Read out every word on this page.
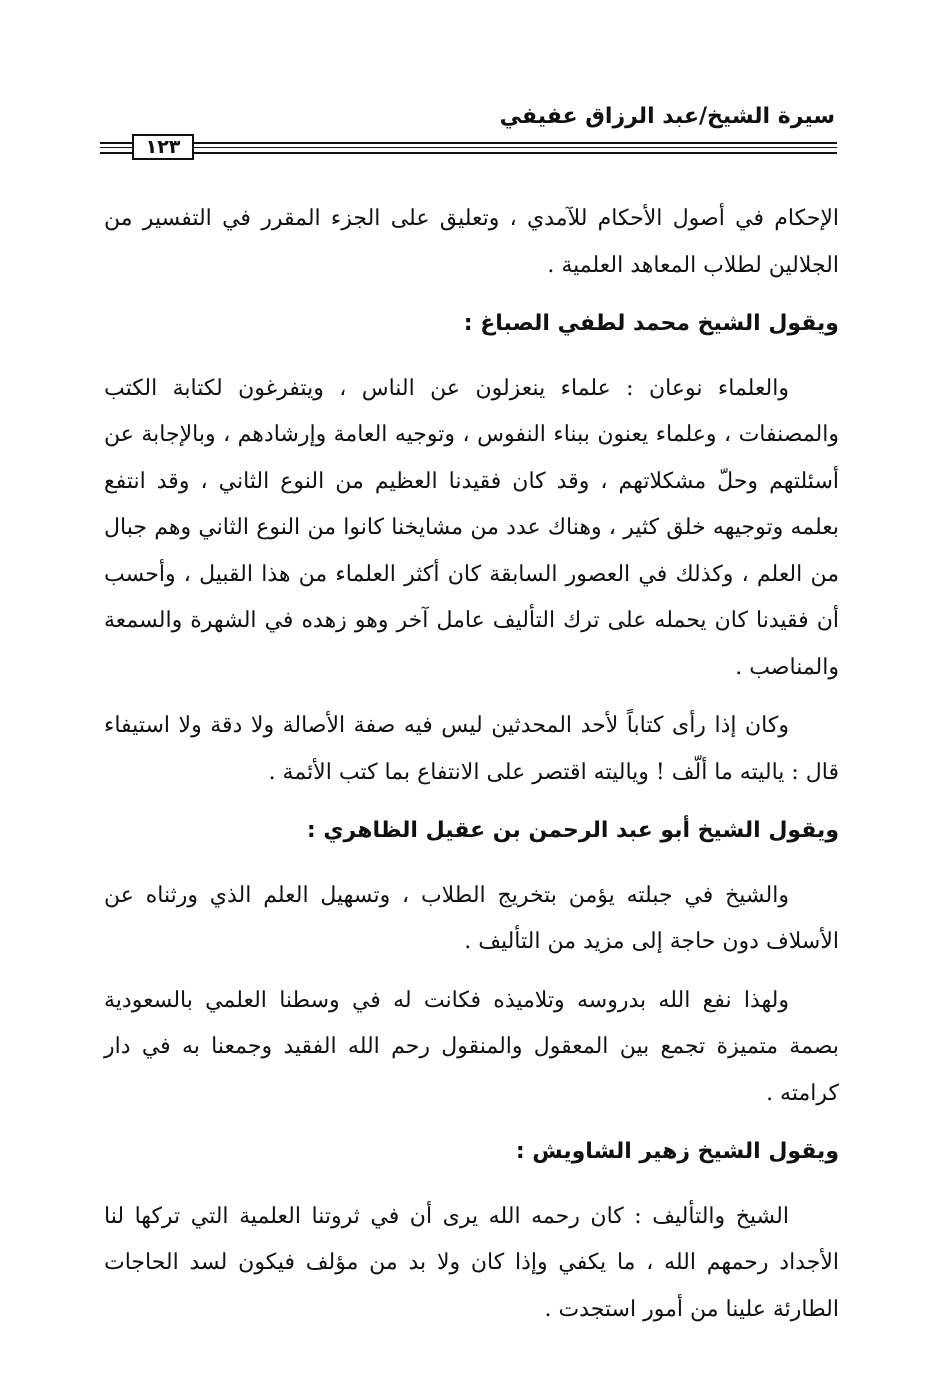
سيرة الشيخ/عبد الرزاق عفيفي
١٢٣

الإحكام في أصول الأحكام للآمدي ، وتعليق على الجزء المقرر في التفسير من الجلالين لطلاب المعاهد العلمية .

ويقول الشيخ محمد لطفي الصباغ :

والعلماء نوعان : علماء ينعزلون عن الناس ، ويتفرغون لكتابة الكتب والمصنفات ، وعلماء يعنون ببناء النفوس ، وتوجيه العامة وإرشادهم ، وبالإجابة عن أسئلتهم وحلّ مشكلاتهم ، وقد كان فقيدنا العظيم من النوع الثاني ، وقد انتفع بعلمه وتوجيهه خلق كثير ، وهناك عدد من مشايخنا كانوا من النوع الثاني وهم جبال من العلم ، وكذلك في العصور السابقة كان أكثر العلماء من هذا القبيل ، وأحسب أن فقيدنا كان يحمله على ترك التأليف عامل آخر وهو زهده في الشهرة والسمعة والمناصب .

وكان إذا رأى كتاباً لأحد المحدثين ليس فيه صفة الأصالة ولا دقة ولا استيفاء قال : ياليته ما ألّف ! وياليته اقتصر على الانتفاع بما كتب الأئمة .

ويقول الشيخ أبو عبد الرحمن بن عقيل الظاهري :

والشيخ في جبلته يؤمن بتخريج الطلاب ، وتسهيل العلم الذي ورثناه عن الأسلاف دون حاجة إلى مزيد من التأليف .

ولهذا نفع الله بدروسه وتلاميذه فكانت له في وسطنا العلمي بالسعودية بصمة متميزة تجمع بين المعقول والمنقول رحم الله الفقيد وجمعنا به في دار كرامته .

ويقول الشيخ زهير الشاويش :

الشيخ والتأليف : كان رحمه الله يرى أن في ثروتنا العلمية التي تركها لنا الأجداد رحمهم الله ، ما يكفي وإذا كان ولا بد من مؤلف فيكون لسد الحاجات الطارئة علينا من أمور استجدت .
